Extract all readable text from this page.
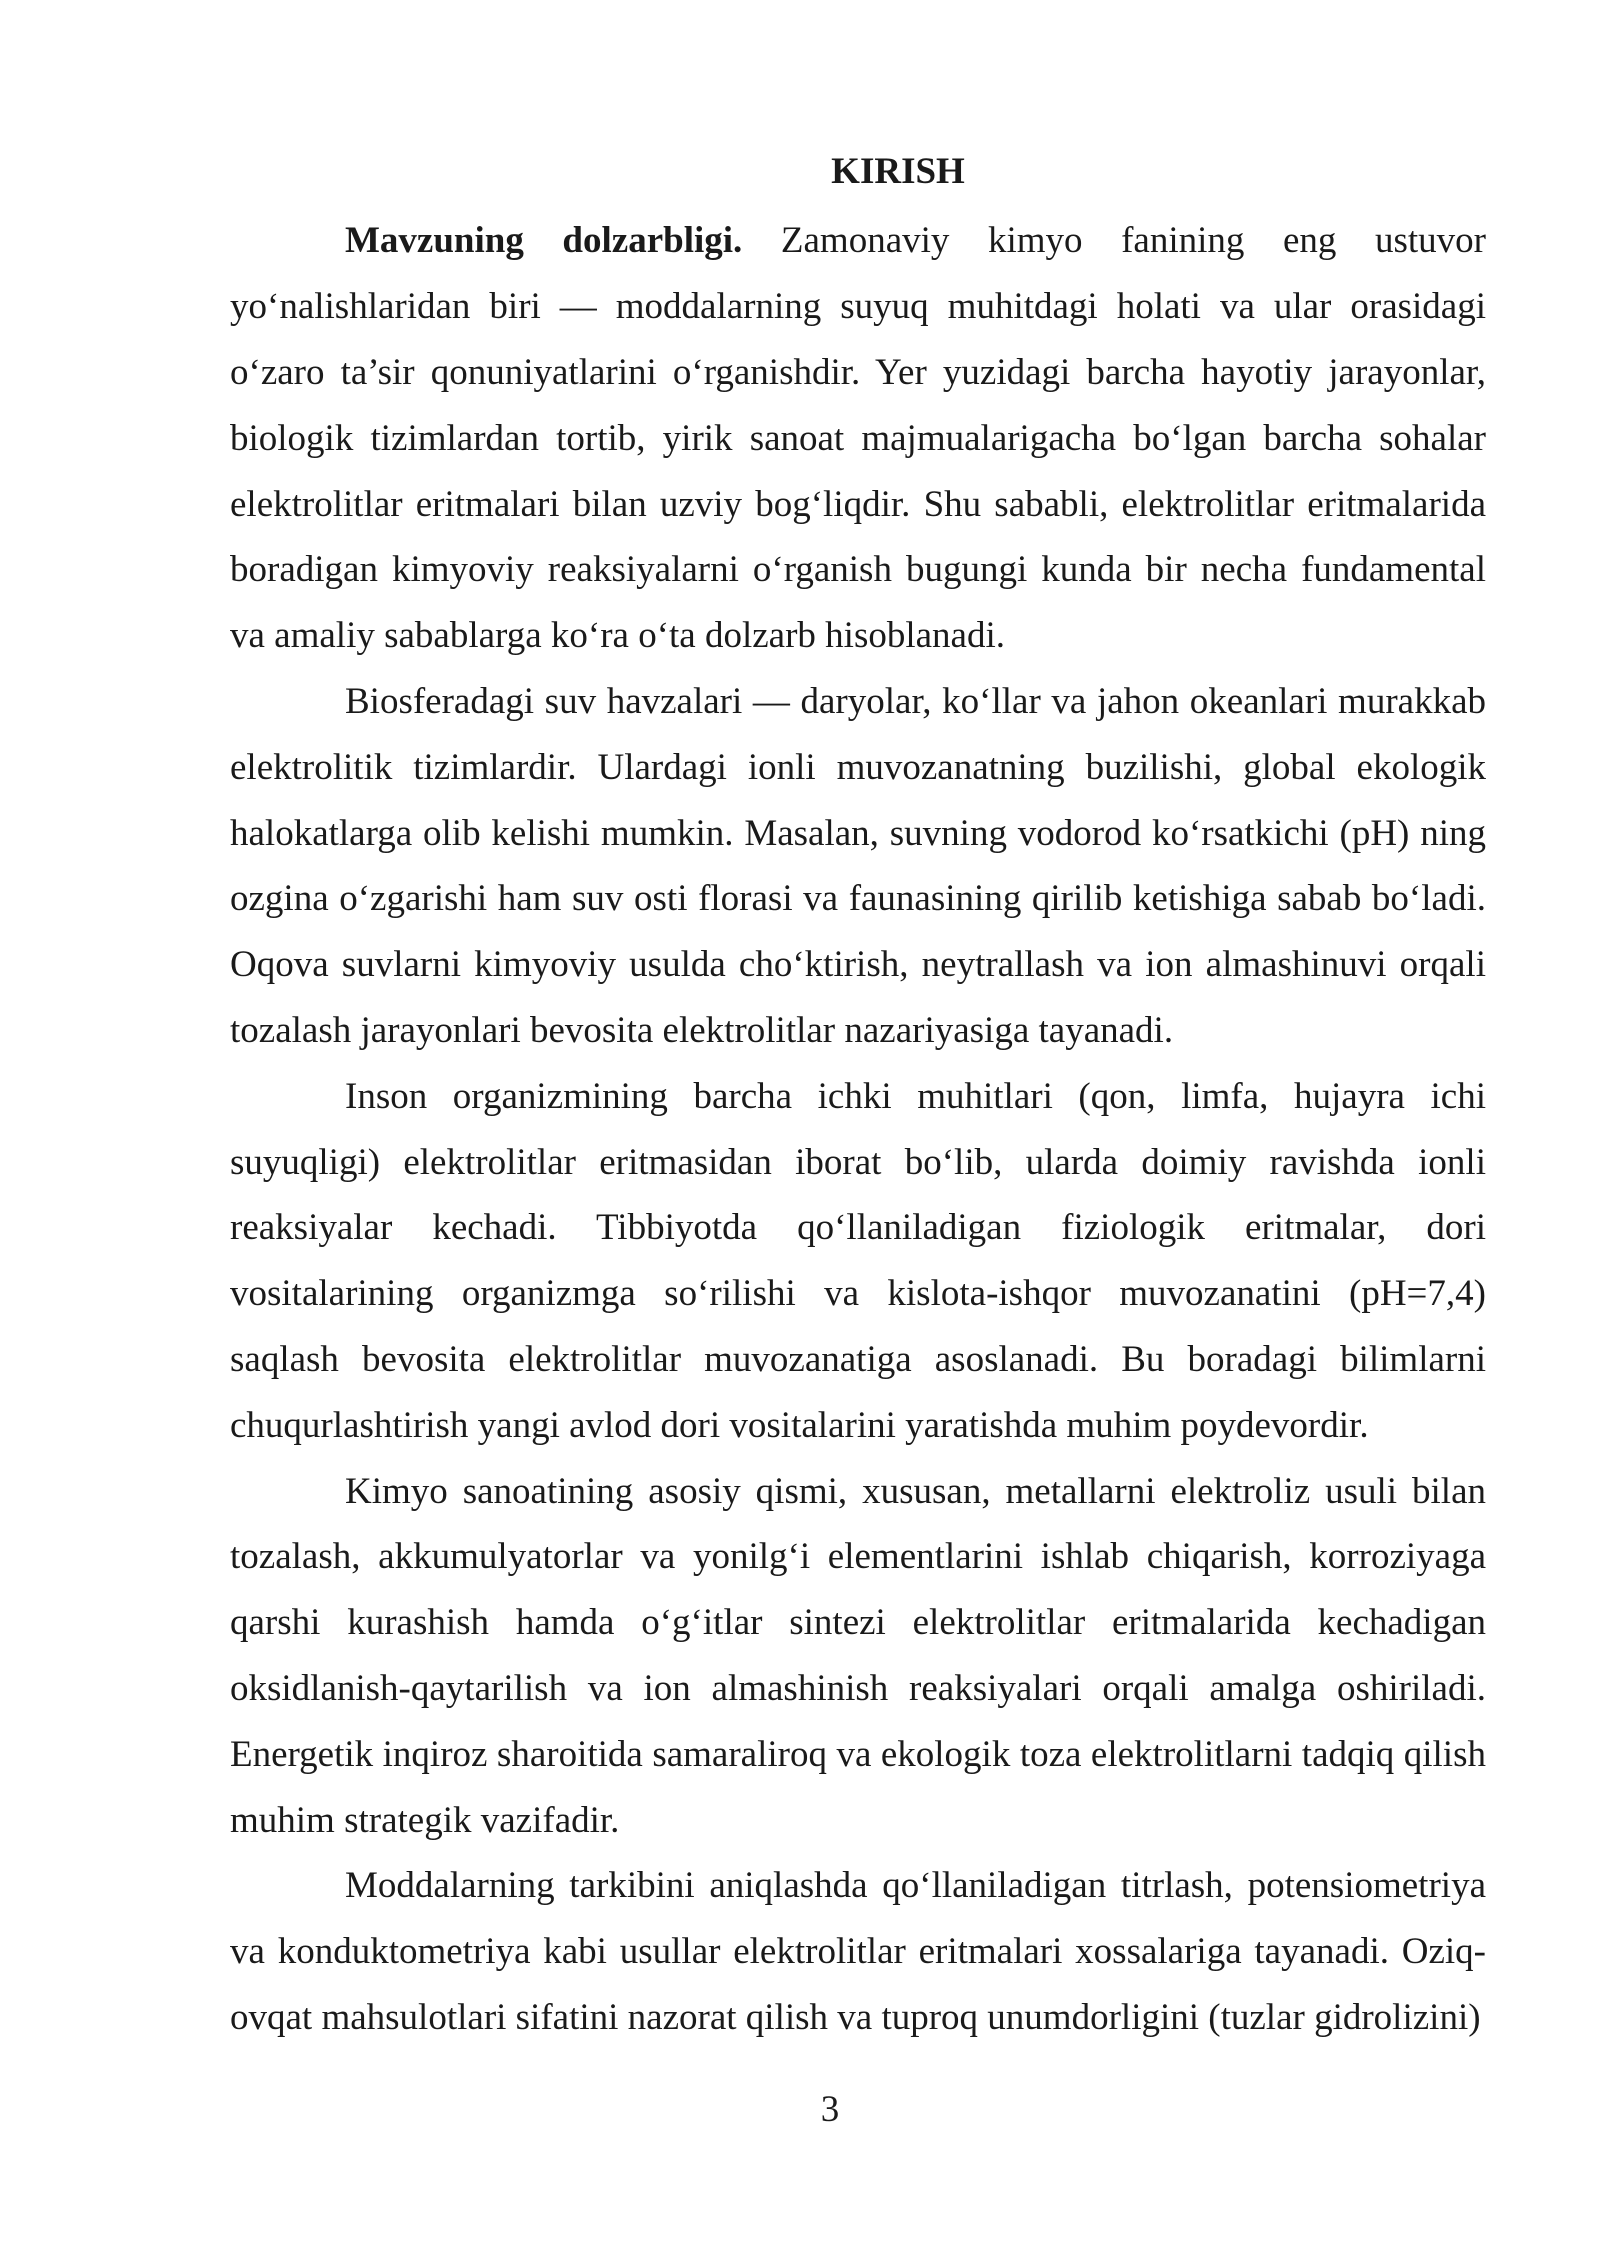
KIRISH

Mavzuning dolzarbligi. Zamonaviy kimyo fanining eng ustuvor yo‘nalishlaridan biri — moddalarning suyuq muhitdagi holati va ular orasidagi o‘zaro ta’sir qonuniyatlarini o‘rganishdir. Yer yuzidagi barcha hayotiy jarayonlar, biologik tizimlardan tortib, yirik sanoat majmualarigacha bo‘lgan barcha sohalar elektrolitlar eritmalari bilan uzviy bog‘liqdir. Shu sababli, elektrolitlar eritmalarida boradigan kimyoviy reaksiyalarni o‘rganish bugungi kunda bir necha fundamental va amaliy sabablarga ko‘ra o‘ta dolzarb hisoblanadi.

Biosferadagi suv havzalari — daryolar, ko‘llar va jahon okeanlari murakkab elektrolitik tizimlardir. Ulardagi ionli muvozanatning buzilishi, global ekologik halokatlarga olib kelishi mumkin. Masalan, suvning vodorod ko‘rsatkichi (pH) ning ozgina o‘zgarishi ham suv osti florasi va faunasining qirilib ketishiga sabab bo‘ladi. Oqova suvlarni kimyoviy usulda cho‘ktirish, neytrallash va ion almashinuvi orqali tozalash jarayonlari bevosita elektrolitlar nazariyasiga tayanadi.

Inson organizmining barcha ichki muhitlari (qon, limfa, hujayra ichi suyuqligi) elektrolitlar eritmasidan iborat bo‘lib, ularda doimiy ravishda ionli reaksiyalar kechadi. Tibbiyotda qo‘llaniladigan fiziologik eritmalar, dori vositalarining organizmga so‘rilishi va kislota-ishqor muvozanatini (pH=7,4) saqlash bevosita elektrolitlar muvozanatiga asoslanadi. Bu boradagi bilimlarni chuqurlashtirish yangi avlod dori vositalarini yaratishda muhim poydevordir.

Kimyo sanoatining asosiy qismi, xususan, metallarni elektroliz usuli bilan tozalash, akkumulyatorlar va yonilg‘i elementlarini ishlab chiqarish, korroziyaga qarshi kurashish hamda o‘g‘itlar sintezi elektrolitlar eritmalarida kechadigan oksidlanish-qaytarilish va ion almashinish reaksiyalari orqali amalga oshiriladi. Energetik inqiroz sharoitida samaraliroq va ekologik toza elektrolitlarni tadqiq qilish muhim strategik vazifadir.

Moddalarning tarkibini aniqlashda qo‘llaniladigan titrlash, potensiometriya va konduktometriya kabi usullar elektrolitlar eritmalari xossalariga tayanadi. Oziq-ovqat mahsulotlari sifatini nazorat qilish va tuproq unumdorligini (tuzlar gidrolizini)

3
